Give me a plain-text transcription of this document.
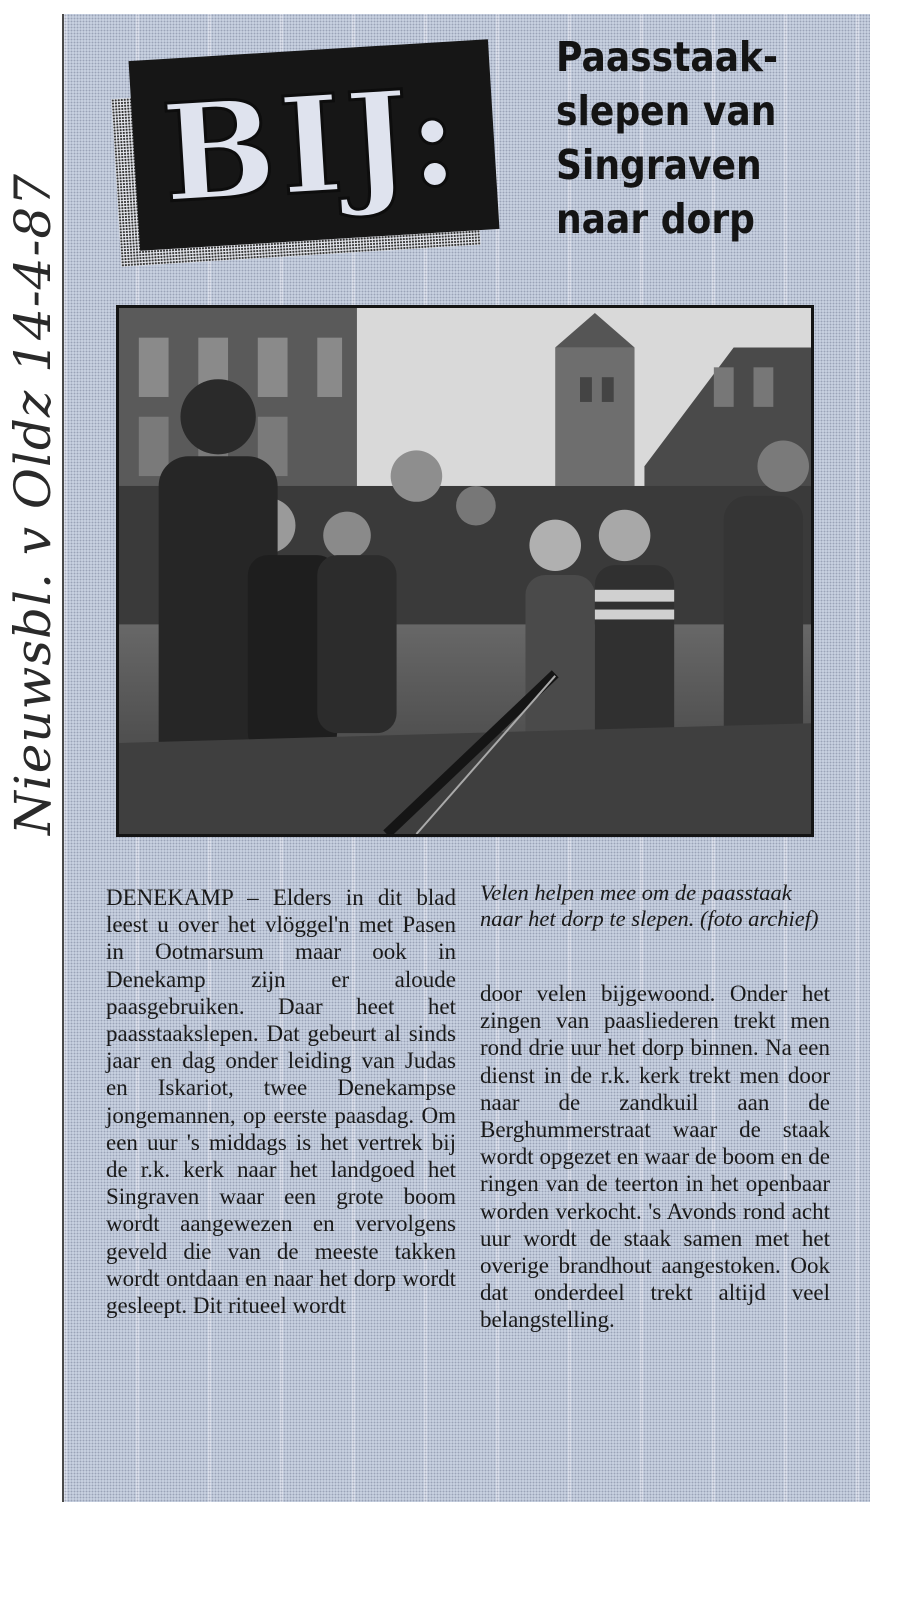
Nieuwsbl. v Oldz 14-4-87
BIJ:
Paasstaak-
slepen van
Singraven
naar dorp

DENEKAMP – Elders in dit blad leest u over het vlöggel'n met Pasen in Ootmarsum maar ook in Denekamp zijn er aloude paasgebruiken. Daar heet het paasstaakslepen. Dat gebeurt al sinds jaar en dag onder leiding van Judas en Iskariot, twee Denekampse jongemannen, op eerste paasdag. Om een uur 's middags is het vertrek bij de r.k. kerk naar het landgoed het Singraven waar een grote boom wordt aangewezen en vervolgens geveld die van de meeste takken wordt ontdaan en naar het dorp wordt gesleept. Dit ritueel wordt

Velen helpen mee om de paasstaak naar het dorp te slepen. (foto archief)

door velen bijgewoond. Onder het zingen van paasliederen trekt men rond drie uur het dorp binnen. Na een dienst in de r.k. kerk trekt men door naar de zandkuil aan de Berghummerstraat waar de staak wordt opgezet en waar de boom en de ringen van de teerton in het openbaar worden verkocht. 's Avonds rond acht uur wordt de staak samen met het overige brandhout aangestoken. Ook dat onderdeel trekt altijd veel belangstelling.
